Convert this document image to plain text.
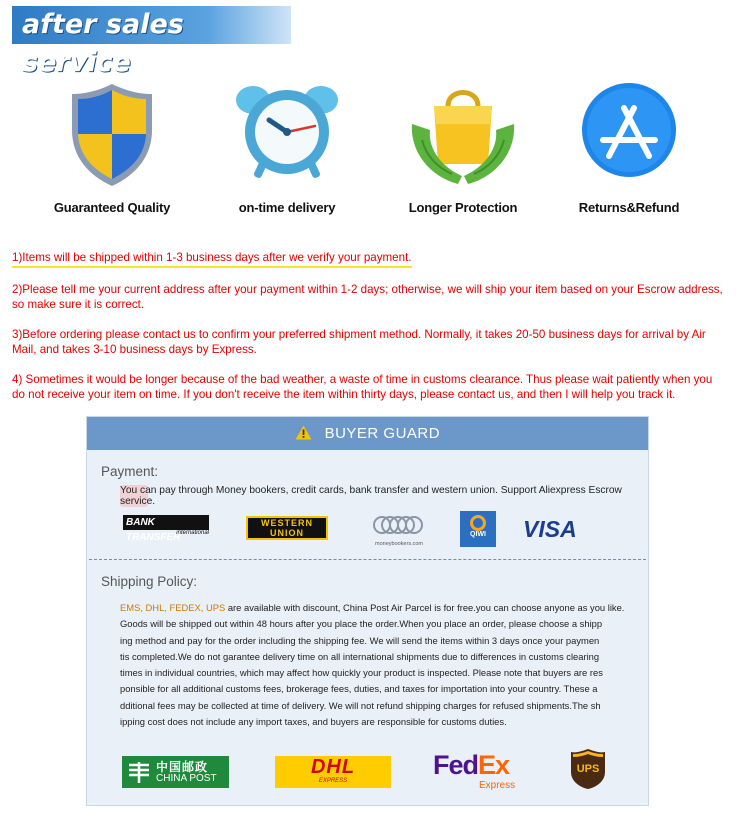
after sales service
Guaranteed Quality	on-time delivery	Longer Protection	Returns&Refund

1)Items will be shipped within 1-3 business days after we verify your payment.

2)Please tell me your current address after your payment within 1-2 days; otherwise, we will ship your item based on your Escrow address, so make sure it is correct.

3)Before ordering please contact us to confirm your preferred shipment method. Normally, it takes 20-50 business days for arrival by Air Mail, and takes 3-10 business days by Express.

4) Sometimes it would be longer because of the bad weather, a waste of time in customs clearance. Thus please wait patiently when you do not receive your item on time. If you don't receive the item within thirty days, please contact us, and then I will help you track it.

BUYER GUARD
Payment:
You can pay through Money bookers, credit cards, bank transfer and western union. Support Aliexpress Escrow service.
BANK TRANSFER
international
WESTERN
UNION
moneybookers.com
QIWI	VISA
Shipping Policy:
EMS, DHL, FEDEX, UPS are available with discount, China Post Air Parcel is for free.you can choose anyone as you like.
Goods will be shipped out within 48 hours after you place the order.When you place an order, please choose a shipp
ing method and pay for the order including the shipping fee. We will send the items within 3 days once your paymen
tis completed.We do not garantee delivery time on all international shipments due to differences in customs clearing
times in individual countries, which may affect how quickly your product is inspected. Please note that buyers are res
ponsible for all additional customs fees, brokerage fees, duties, and taxes for importation into your country. These a
dditional fees may be collected at time of delivery. We will not refund shipping charges for refused shipments.The sh
ipping cost does not include any import taxes, and buyers are responsible for customs duties.
中国邮政
CHINA POST
DHL
EXPRESS
FedEx
Express
UPS
